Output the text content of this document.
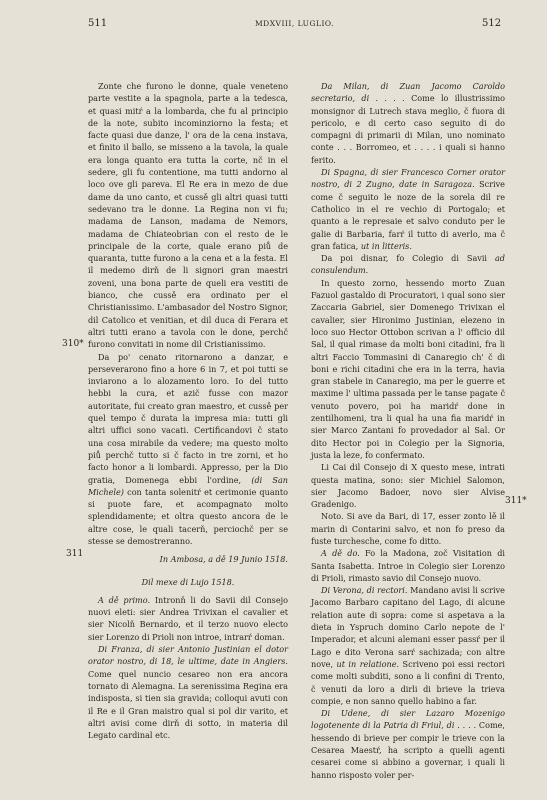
511	MDXVIII, LUGLIO.	512
310*
311
311*

Zonte che furono le donne, quale veneteno parte vestite a la spagnola, parte a la tedesca, et quasi mitŕ a la lombarda, che fu al principio de la note, subito incominziorno la festa; et facte quasi due danze, l' ora de la cena instava, et finito il ballo, se misseno a la tavola, la quale era longa quanto era tutta la corte, nč in el sedere, gli fu contentione, ma tutti andorno al loco ove gli pareva. El Re era in mezo de due dame da uno canto, et cussě gli altri quasi tutti sedevano tra le donne. La Regina non vi fu; madama de Lanson, madama de Nemors, madama de Chiateobrian con el resto de le principale de la corte, quale erano piů de quaranta, tutte furono a la cena et a la festa. El il medemo dirň de li signori gran maestri zoveni, una bona parte de queli era vestiti de bianco, che cussě era ordinato per el Christianissimo. L'ambasador del Nostro Signor, dil Catolico et venitian, et dil duca di Ferara et altri tutti erano a tavola con le done, perchč furono convitati in nome dil Cristianissimo.

Da po' cenato ritornarono a danzar, e perseverarono fino a hore 6 in 7, et poi tutti se inviarono a lo alozamento loro. Io del tutto hebbi la cura, et azič fusse con mazor autoritate, fui creato gran maestro, et cussě per quel tempo č durata la impresa mia: tutti gli altri uffici sono vacati. Certificandovi č stato una cosa mirabile da vedere; ma questo molto piů perchč tutto si č facto in tre zorni, et ho facto honor a li lombardi. Appresso, per la Dio gratia, Domenega ebbi l'ordine, (di San Michele) con tanta solenitŕ et cerimonie quanto si puote fare, et acompagnato molto splendidamente; et oltra questo ancora de le altre cose, le quali tacerň, perciochč per se stesse se demostreranno.

In Ambosa, a dě 19 Junio 1518.

Dil mexe di Lujo 1518.

A dě primo. Intronň li do Savii dil Consejo nuovi eleti: sier Andrea Trivixan el cavalier et sier Nicolň Bernardo, et il terzo nuovo electo sier Lorenzo di Prioli non introe, intrarŕ doman.

Di Franza, di sier Antonio Justinian el dotor orator nostro, di 18, le ultime, date in Angiers. Come quel nuncio cesareo non era ancora tornato di Alemagna. La serenissima Regina era indisposta, si tien sia gravida; colloqui avuti con il Re e il Gran maistro qual si pol dir varito, et altri avisi come dirň di sotto, in materia dil Legato cardinal etc.

Da Milan, di Zuan Jacomo Caroldo secretario, di . . . . Come lo illustrissimo monsignor di Lutrech stava meglio, č fuora di pericolo, e di certo caso seguito di do compagni di primarii di Milan, uno nominato conte . . . Borromeo, et . . . . i quali si hanno ferito.

Di Spagna, di sier Francesco Corner orator nostro, di 2 Zugno, date in Saragoza. Scrive come č seguito le noze de la sorela dil re Catholico in el re vechio di Portogalo; et quanto a le represaie et salvo conduto per le galie di Barbaria, farŕ il tutto di averlo, ma č gran fatica, ut in litteris.

Da poi disnar, fo Colegio di Savii ad consulendum.

In questo zorno, hessendo morto Zuan Fazuol gastaldo di Procuratori, i qual sono sier Zaccaria Gabriel, sier Domenego Trivixan el cavalier, sier Hironimo Justinian, elezeno in loco suo Hector Ottobon scrivan a l' officio dil Sal, il qual rimase da molti boni citadini, fra li altri Faccio Tommasini di Canaregio ch' č di boni e richi citadini che era in la terra, havia gran stabele in Canaregio, ma per le guerre et maxime l' ultima passada per le tanse pagate č venuto povero, poi ha maridŕ done in zentilhomeni, tra li qual ha una fia maridŕ in sier Marco Zantani fo provedador al Sal. Or dito Hector poi in Colegio per la Signoria, justa la leze, fo confermato.

Li Cai dil Consejo di X questo mese, intrati questa matina, sono: sier Michiel Salomon, sier Jacomo Badoer, novo sier Alvise Gradenigo.

Noto. Si ave da Bari, di 17, esser zonto lě il marin di Contarini salvo, et non fo preso da fuste turchesche, come fo ditto.

A dě do. Fo la Madona, zoč Visitation di Santa Isabetta. Introe in Colegio sier Lorenzo di Prioli, rimasto savio dil Consejo nuovo.

Di Verona, di rectori. Mandano avisi li scrive Jacomo Barbaro capitano del Lago, di alcune relation aute di sopra: come si aspetava a la dieta in Yspruch domino Carlo nepote de l' Imperador, et alcuni alemani esser passŕ per il Lago e dito Verona sarŕ sachizada; con altre nove, ut in relatione. Scriveno poi essi rectori come molti subditi, sono a li confini di Trento, č venuti da loro a dirli di brieve la trieva compie, e non sanno quello habino a far.

Di Udene, di sier Lazaro Mozenigo logotenente di la Patria di Friul, di . . . . Come, hessendo di brieve per compir le trieve con la Cesarea Maestŕ, ha scripto a quelli agenti cesarei come si abbino a governar, i quali li hanno risposto voler per-
